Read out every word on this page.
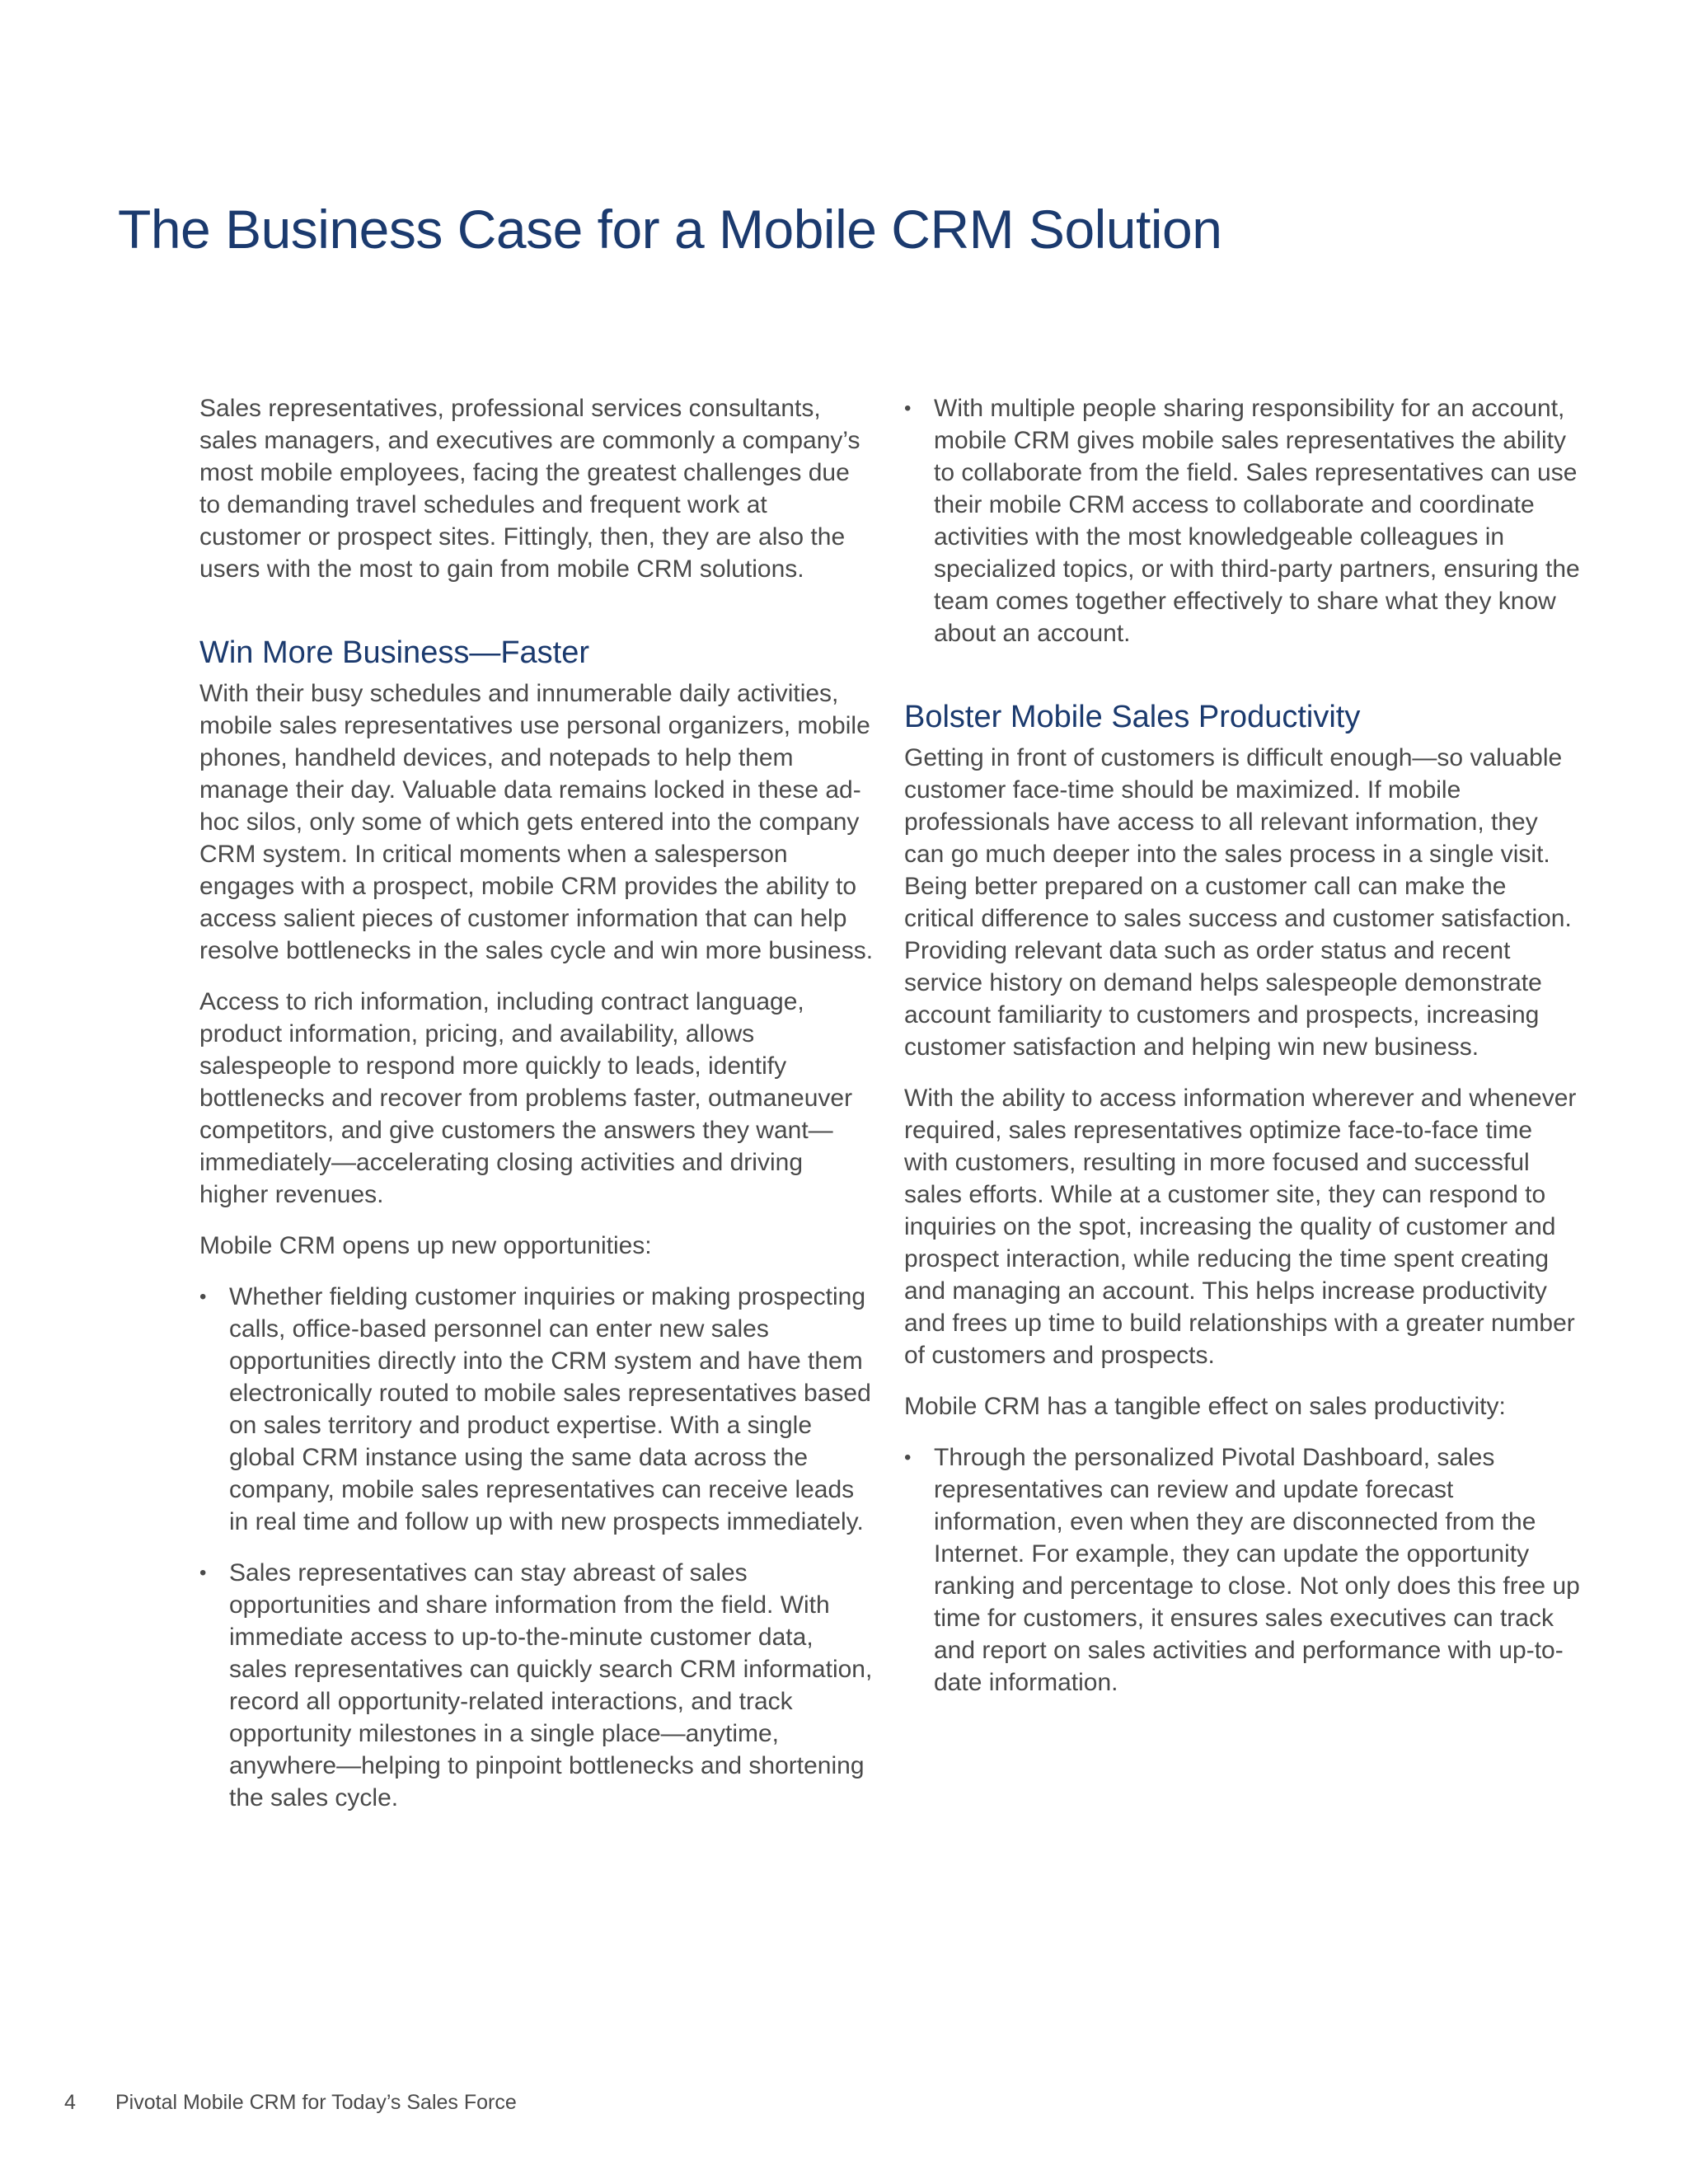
The Business Case for a Mobile CRM Solution

Sales representatives, professional services consultants, sales managers, and executives are commonly a company’s most mobile employees, facing the greatest challenges due to demanding travel schedules and frequent work at customer or prospect sites. Fittingly, then, they are also the users with the most to gain from mobile CRM solutions.

Win More Business—Faster

With their busy schedules and innumerable daily activities, mobile sales representatives use personal organizers, mobile phones, handheld devices, and notepads to help them manage their day. Valuable data remains locked in these ad-hoc silos, only some of which gets entered into the company CRM system. In critical moments when a salesperson engages with a prospect, mobile CRM provides the ability to access salient pieces of customer information that can help resolve bottlenecks in the sales cycle and win more business.

Access to rich information, including contract language, product information, pricing, and availability, allows salespeople to respond more quickly to leads, identify bottlenecks and recover from problems faster, outmaneuver competitors, and give customers the answers they want—immediately—accelerating closing activities and driving higher revenues.

Mobile CRM opens up new opportunities:

• Whether fielding customer inquiries or making prospecting calls, office-based personnel can enter new sales opportunities directly into the CRM system and have them electronically routed to mobile sales representatives based on sales territory and product expertise. With a single global CRM instance using the same data across the company, mobile sales representatives can receive leads in real time and follow up with new prospects immediately.
• Sales representatives can stay abreast of sales opportunities and share information from the field. With immediate access to up-to-the-minute customer data, sales representatives can quickly search CRM information, record all opportunity-related interactions, and track opportunity milestones in a single place—anytime, anywhere—helping to pinpoint bottlenecks and shortening the sales cycle.
• With multiple people sharing responsibility for an account, mobile CRM gives mobile sales representatives the ability to collaborate from the field. Sales representatives can use their mobile CRM access to collaborate and coordinate activities with the most knowledgeable colleagues in specialized topics, or with third-party partners, ensuring the team comes together effectively to share what they know about an account.
Bolster Mobile Sales Productivity

Getting in front of customers is difficult enough—so valuable customer face-time should be maximized. If mobile professionals have access to all relevant information, they can go much deeper into the sales process in a single visit. Being better prepared on a customer call can make the critical difference to sales success and customer satisfaction. Providing relevant data such as order status and recent service history on demand helps salespeople demonstrate account familiarity to customers and prospects, increasing customer satisfaction and helping win new business.

With the ability to access information wherever and whenever required, sales representatives optimize face-to-face time with customers, resulting in more focused and successful sales efforts. While at a customer site, they can respond to inquiries on the spot, increasing the quality of customer and prospect interaction, while reducing the time spent creating and managing an account. This helps increase productivity and frees up time to build relationships with a greater number of customers and prospects.

Mobile CRM has a tangible effect on sales productivity:

• Through the personalized Pivotal Dashboard, sales representatives can review and update forecast information, even when they are disconnected from the Internet. For example, they can update the opportunity ranking and percentage to close. Not only does this free up time for customers, it ensures sales executives can track and report on sales activities and performance with up-to-date information.
4 Pivotal Mobile CRM for Today’s Sales Force
